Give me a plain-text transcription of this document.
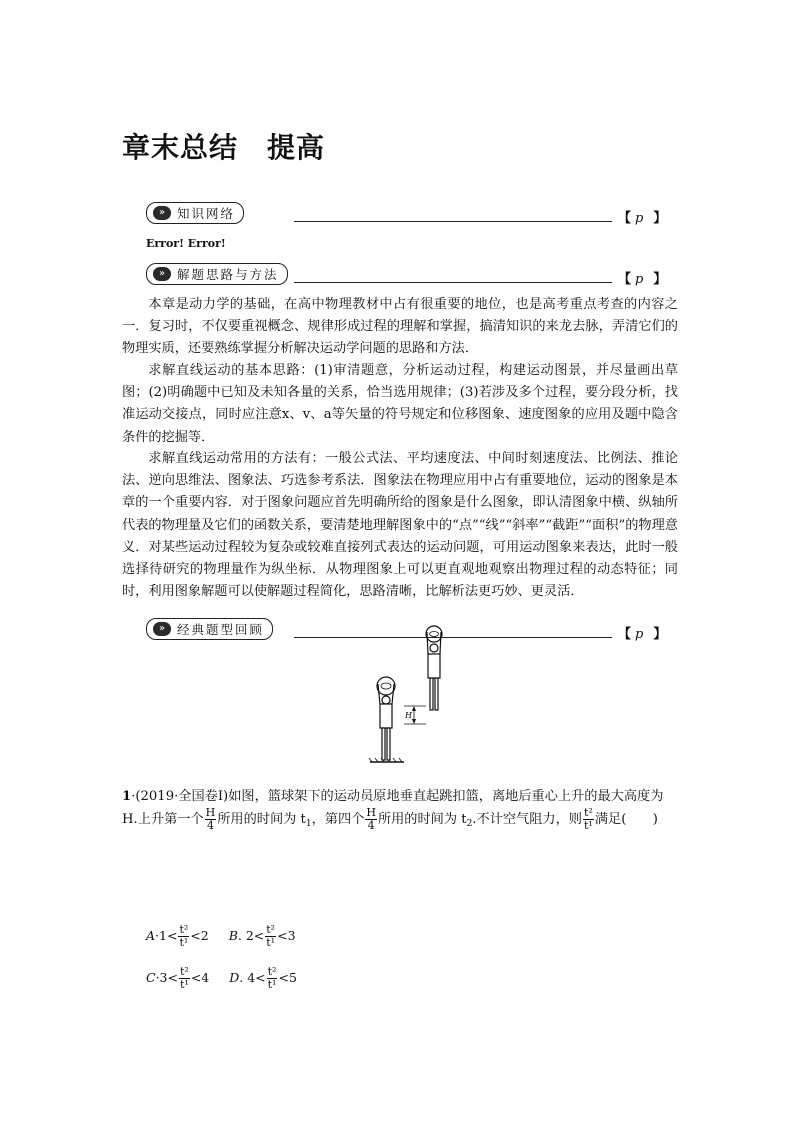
章末总结　提高
» 知识网络	【 p 】
Error! Error!
» 解题思路与方法	【 p 】

本章是动力学的基础，在高中物理教材中占有很重要的地位，也是高考重点考查的内容之一．复习时，不仅要重视概念、规律形成过程的理解和掌握，搞清知识的来龙去脉，弄清它们的物理实质，还要熟练掌握分析解决运动学问题的思路和方法．

求解直线运动的基本思路：(1)审清题意，分析运动过程，构建运动图景，并尽量画出草图；(2)明确题中已知及未知各量的关系，恰当选用规律；(3)若涉及多个过程，要分段分析，找准运动交接点，同时应注意x、v、a等矢量的符号规定和位移图象、速度图象的应用及题中隐含条件的挖掘等．

求解直线运动常用的方法有：一般公式法、平均速度法、中间时刻速度法、比例法、推论法、逆向思维法、图象法、巧选参考系法．图象法在物理应用中占有重要地位，运动的图象是本章的一个重要内容．对于图象问题应首先明确所给的图象是什么图象，即认清图象中横、纵轴所代表的物理量及它们的函数关系，要清楚地理解图象中的“点”“线”“斜率”“截距”“面积”的物理意义．对某些运动过程较为复杂或较难直接列式表达的运动问题，可用运动图象来表达，此时一般选择待研究的物理量作为纵坐标．从物理图象上可以更直观地观察出物理过程的动态特征；同时，利用图象解题可以使解题过程简化，思路清晰，比解析法更巧妙、更灵活．

» 经典题型回顾	【 p 】
H

1·(2019·全国卷Ⅰ)如图，篮球架下的运动员原地垂直起跳扣篮，离地后重心上升的最大高度为 H.上升第一个 $\frac{H}{4}$ 所用的时间为 $t_1$，第四个 $\frac{H}{4}$ 所用的时间为 $t_2$.不计空气阻力，则 $\frac{\text{t²}}{\text{t¹}}$ 满足(　　)

$A\cdot 1< \frac{\text{t²}}{\text{t¹}} <2$ B. $2< \frac{\text{t²}}{\text{t¹}} <3$
$C\cdot 3< \frac{\text{t²}}{\text{t¹}} <4$ D. $4< \frac{\text{t²}}{\text{t¹}} <5$
